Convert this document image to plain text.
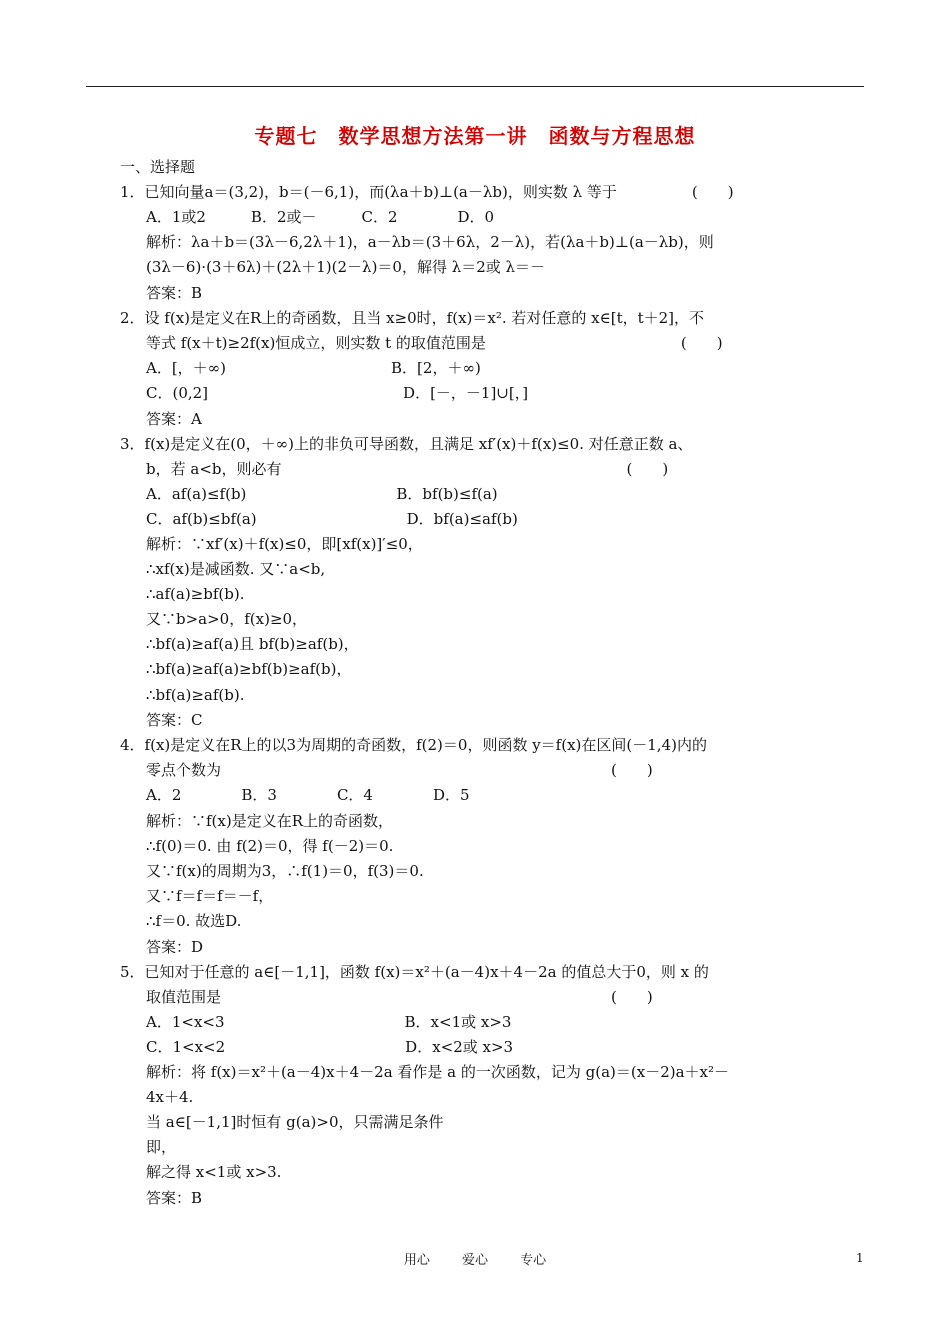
专题七　数学思想方法第一讲　函数与方程思想
一、选择题
1．已知向量a＝(3,2)，b＝(－6,1)，而(λa＋b)⊥(a－λb)，则实数 λ 等于　　　　　(　　)
A．1或2　　　B．2或－　　　C．2　　　　D．0
解析：λa＋b＝(3λ－6,2λ＋1)，a－λb＝(3＋6λ，2－λ)，若(λa＋b)⊥(a－λb)，则
(3λ－6)·(3＋6λ)＋(2λ＋1)(2－λ)＝0，解得 λ＝2或 λ＝－
答案：B
2．设 f(x)是定义在R上的奇函数，且当 x≥0时，f(x)＝x². 若对任意的 x∈[t，t＋2]，不
等式 f(x＋t)≥2f(x)恒成立，则实数 t 的取值范围是　　　　　　　　　　　　　(　　)
A．[，＋∞)　　　　　　　　　　　B．[2，＋∞)
C．(0,2]　　　　　　　　　　　　　D．[－，－1]∪[，]
答案：A
3．f(x)是定义在(0，＋∞)上的非负可导函数，且满足 xf′(x)＋f(x)≤0. 对任意正数 a、
b，若 a<b，则必有　　　　　　　　　　　　　　　　　　　　　　　(　　)
A．af(a)≤f(b)　　　　　　　　　　B．bf(b)≤f(a)
C．af(b)≤bf(a)　　　　　　　　　　D．bf(a)≤af(b)
解析：∵xf′(x)＋f(x)≤0，即[xf(x)]′≤0，
∴xf(x)是减函数. 又∵a<b,
∴af(a)≥bf(b).
又∵b>a>0，f(x)≥0，
∴bf(a)≥af(a)且 bf(b)≥af(b)，
∴bf(a)≥af(a)≥bf(b)≥af(b)，
∴bf(a)≥af(b).
答案：C
4．f(x)是定义在R上的以3为周期的奇函数，f(2)＝0，则函数 y＝f(x)在区间(－1,4)内的
零点个数为　　　　　　　　　　　　　　　　　　　　　　　　　　(　　)
A．2　　　　B．3　　　　C．4　　　　D．5
解析：∵f(x)是定义在R上的奇函数，
∴f(0)＝0. 由 f(2)＝0，得 f(－2)＝0.
又∵f(x)的周期为3，∴f(1)＝0，f(3)＝0.
又∵f＝f＝f＝－f，
∴f＝0. 故选D.
答案：D
5．已知对于任意的 a∈[－1,1]，函数 f(x)＝x²＋(a－4)x＋4－2a 的值总大于0，则 x 的
取值范围是　　　　　　　　　　　　　　　　　　　　　　　　　　(　　)
A．1<x<3　　　　　　　　　　　　B．x<1或 x>3
C．1<x<2　　　　　　　　　　　　D．x<2或 x>3
解析：将 f(x)＝x²＋(a－4)x＋4－2a 看作是 a 的一次函数，记为 g(a)＝(x－2)a＋x²－
4x＋4.
当 a∈[－1,1]时恒有 g(a)>0，只需满足条件
即，
解之得 x<1或 x>3.
答案：B
用心 爱心 专心	1
